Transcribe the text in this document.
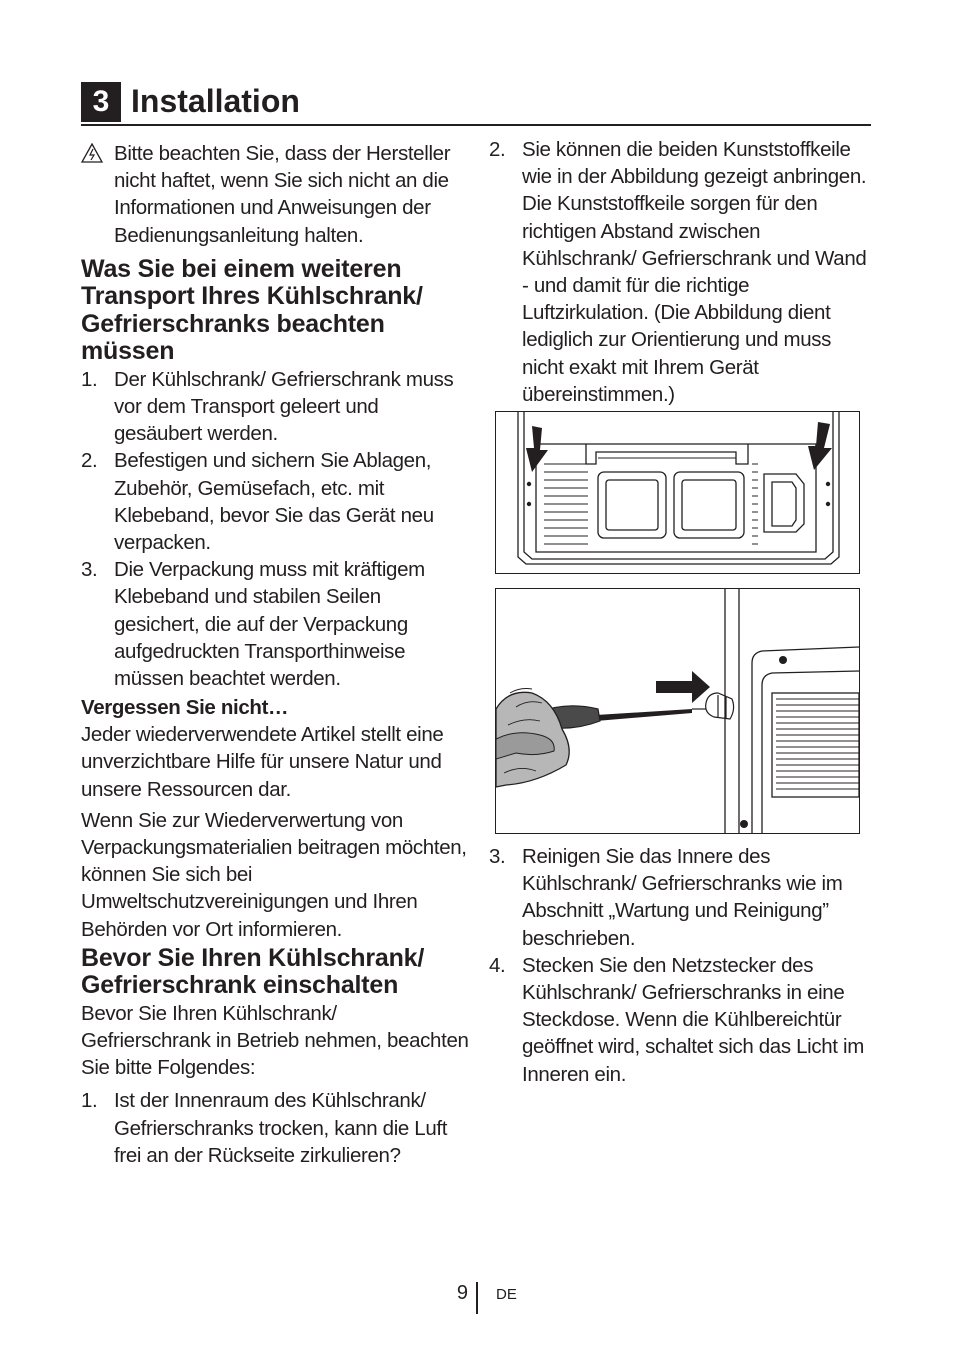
3 Installation

Bitte beachten Sie, dass der Hersteller nicht haftet, wenn Sie sich nicht an die Informationen und Anweisungen der Bedienungsanleitung halten.

Was Sie bei einem weiteren Transport Ihres Kühlschrank/ Gefrierschranks beachten müssen
1. Der Kühlschrank/ Gefrierschrank muss vor dem Transport geleert und gesäubert werden.
2. Befestigen und sichern Sie Ablagen, Zubehör, Gemüsefach, etc. mit Klebeband, bevor Sie das Gerät neu verpacken.
3. Die Verpackung muss mit kräftigem Klebeband und stabilen Seilen gesichert, die auf der Verpackung aufgedruckten Transporthinweise müssen beachtet werden.
Vergessen Sie nicht…

Jeder wiederverwendete Artikel stellt eine unverzichtbare Hilfe für unsere Natur und unsere Ressourcen dar.

Wenn Sie zur Wiederverwertung von Verpackungsmaterialien beitragen möchten, können Sie sich bei Umweltschutzvereinigungen und Ihren Behörden vor Ort informieren.

Bevor Sie Ihren Kühlschrank/ Gefrierschrank einschalten

Bevor Sie Ihren Kühlschrank/ Gefrierschrank in Betrieb nehmen, beachten Sie bitte Folgendes:

1. Ist der Innenraum des Kühlschrank/ Gefrierschranks trocken, kann die Luft frei an der Rückseite zirkulieren?
2. Sie können die beiden Kunststoffkeile wie in der Abbildung gezeigt anbringen. Die Kunststoffkeile sorgen für den richtigen Abstand zwischen Kühlschrank/ Gefrierschrank und Wand - und damit für die richtige Luftzirkulation. (Die Abbildung dient lediglich zur Orientierung und muss nicht exakt mit Ihrem Gerät übereinstimmen.)
3. Reinigen Sie das Innere des Kühlschrank/ Gefrierschranks wie im Abschnitt „Wartung und Reinigung” beschrieben.
4. Stecken Sie den Netzstecker des Kühlschrank/ Gefrierschranks in eine Steckdose. Wenn die Kühlbereichtür geöffnet wird, schaltet sich das Licht im Inneren ein.
9 DE
